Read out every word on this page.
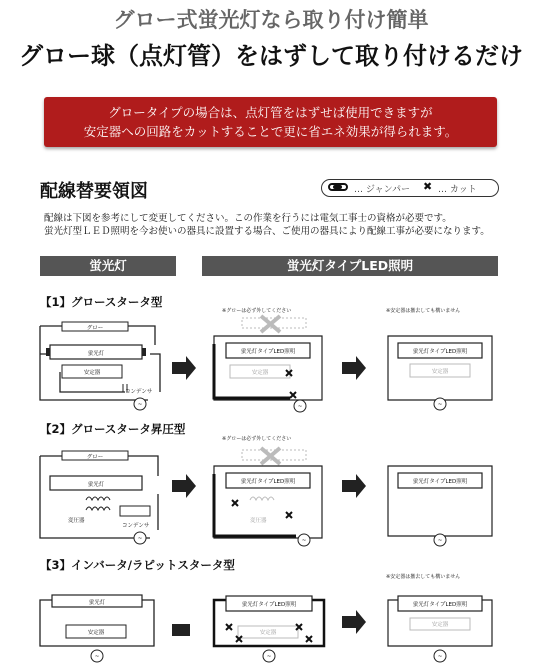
グロー式蛍光灯なら取り付け簡単
グロー球（点灯管）をはずして取り付けるだけ
グロータイプの場合は、点灯管をはずせば使用できますが
安定器への回路をカットすることで更に省エネ効果が得られます。
配線替要領図	… ジャンパー ✖ … カット
配線は下図を参考にして変更してください。この作業を行うには電気工事士の資格が必要です。
蛍光灯型ＬＥＤ照明を今お使いの器具に設置する場合、ご使用の器具により配線工事が必要になります。
蛍光灯	蛍光灯タイプLED照明
【1】グロースタータ型
【2】グロースタータ昇圧型
【3】インバータ/ラピットスタータ型
グロー
蛍光灯
安定器
コンデンサ
~
※グローは必ず外してください
蛍光灯タイプLED照明
安定器
~
※安定器は撤去しても構いません
蛍光灯タイプLED照明
安定器
~
グロー
蛍光灯
変圧器
コンデンサ
~
※グローは必ず外してください
蛍光灯タイプLED照明
変圧器
~
蛍光灯タイプLED照明
~
蛍光灯
安定器
~
蛍光灯タイプLED照明
安定器
~
※安定器は撤去しても構いません
蛍光灯タイプLED照明
安定器
~
